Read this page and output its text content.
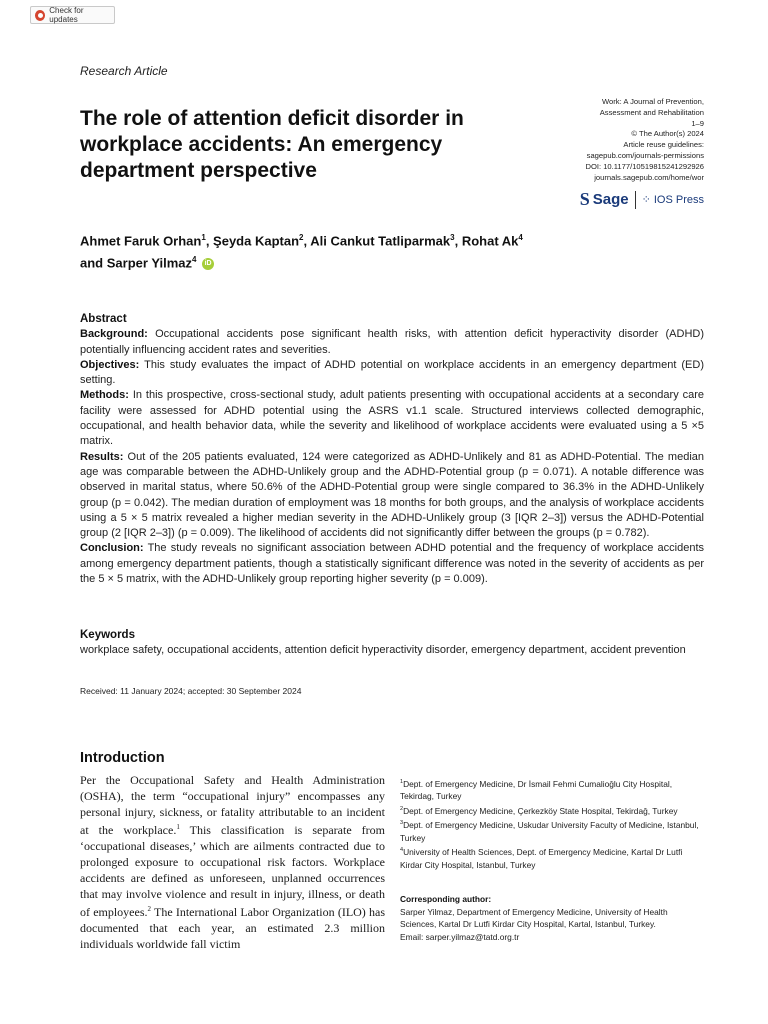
Check for updates
Research Article
The role of attention deficit disorder in workplace accidents: An emergency department perspective
Work: A Journal of Prevention,
Assessment and Rehabilitation
1–9
© The Author(s) 2024
Article reuse guidelines:
sagepub.com/journals-permissions
DOI: 10.1177/10519815241292926
journals.sagepub.com/home/wor
S Sage ⁘ IOS Press
Ahmet Faruk Orhan$^1$, Şeyda Kaptan$^2$, Ali Cankut Tatliparmak$^3$, Rohat Ak$^4$
and Sarper Yilmaz$^4$ iD

Abstract

Background: Occupational accidents pose significant health risks, with attention deficit hyperactivity disorder (ADHD) potentially influencing accident rates and severities.

Objectives: This study evaluates the impact of ADHD potential on workplace accidents in an emergency department (ED) setting.

Methods: In this prospective, cross-sectional study, adult patients presenting with occupational accidents at a secondary care facility were assessed for ADHD potential using the ASRS v1.1 scale. Structured interviews collected demographic, occupational, and health behavior data, while the severity and likelihood of workplace accidents were evaluated using a 5 ×5 matrix.

Results: Out of the 205 patients evaluated, 124 were categorized as ADHD-Unlikely and 81 as ADHD-Potential. The median age was comparable between the ADHD-Unlikely group and the ADHD-Potential group (p = 0.071). A notable difference was observed in marital status, where 50.6% of the ADHD-Potential group were single compared to 36.3% in the ADHD-Unlikely group (p = 0.042). The median duration of employment was 18 months for both groups, and the analysis of workplace accidents using a 5 × 5 matrix revealed a higher median severity in the ADHD-Unlikely group (3 [IQR 2–3]) versus the ADHD-Potential group (2 [IQR 2–3]) (p = 0.009). The likelihood of accidents did not significantly differ between the groups (p = 0.782).

Conclusion: The study reveals no significant association between ADHD potential and the frequency of workplace accidents among emergency department patients, though a statistically significant difference was noted in the severity of accidents as per the 5 × 5 matrix, with the ADHD-Unlikely group reporting higher severity (p = 0.009).

Keywords

workplace safety, occupational accidents, attention deficit hyperactivity disorder, emergency department, accident prevention

Received: 11 January 2024; accepted: 30 September 2024
Introduction

Per the Occupational Safety and Health Administration (OSHA), the term “occupational injury” encompasses any personal injury, sickness, or fatality attributable to an incident at the workplace.$^1$ This classification is separate from ‘occupational diseases,’ which are ailments contracted due to prolonged exposure to occupational risk factors. Workplace accidents are defined as unforeseen, unplanned occurrences that may involve violence and result in injury, illness, or death of employees.$^2$ The International Labor Organization (ILO) has documented that each year, an estimated 2.3 million individuals worldwide fall victim

$^1$Dept. of Emergency Medicine, Dr İsmail Fehmi Cumalioğlu City Hospital, Tekirdag, Turkey

$^2$Dept. of Emergency Medicine, Çerkezköy State Hospital, Tekirdağ, Turkey

$^3$Dept. of Emergency Medicine, Uskudar University Faculty of Medicine, Istanbul, Turkey

$^4$University of Health Sciences, Dept. of Emergency Medicine, Kartal Dr Lutfi Kirdar City Hospital, Istanbul, Turkey

Corresponding author:

Sarper Yilmaz, Department of Emergency Medicine, University of Health Sciences, Kartal Dr Lutfi Kirdar City Hospital, Kartal, Istanbul, Turkey.

Email: sarper.yilmaz@tatd.org.tr
